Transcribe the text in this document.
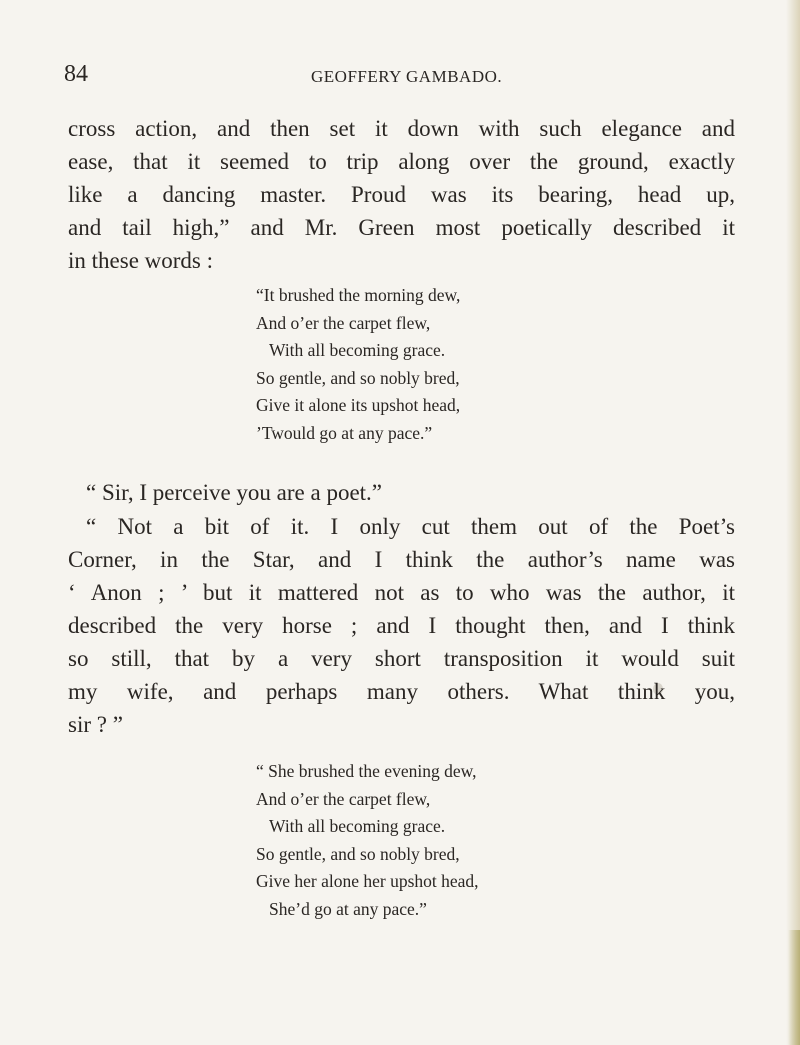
84	GEOFFERY GAMBADO.

cross action, and then set it down with such elegance and
ease, that it seemed to trip along over the ground, exactly
like a dancing master. Proud was its bearing, head up,
and tail high,” and Mr. Green most poetically described it
in these words :

“It brushed the morning dew,
And o’er the carpet flew,
With all becoming grace.
So gentle, and so nobly bred,
Give it alone its upshot head,
’Twould go at any pace.”

“ Sir, I perceive you are a poet.”

“ Not a bit of it. I only cut them out of the Poet’s
Corner, in the Star, and I think the author’s name was
‘ Anon ; ’ but it mattered not as to who was the author, it
described the very horse ; and I thought then, and I think
so still, that by a very short transposition it would suit
my wife, and perhaps many others. What think you,
sir ? ”

“ She brushed the evening dew,
And o’er the carpet flew,
With all becoming grace.
So gentle, and so nobly bred,
Give her alone her upshot head,
She’d go at any pace.”
